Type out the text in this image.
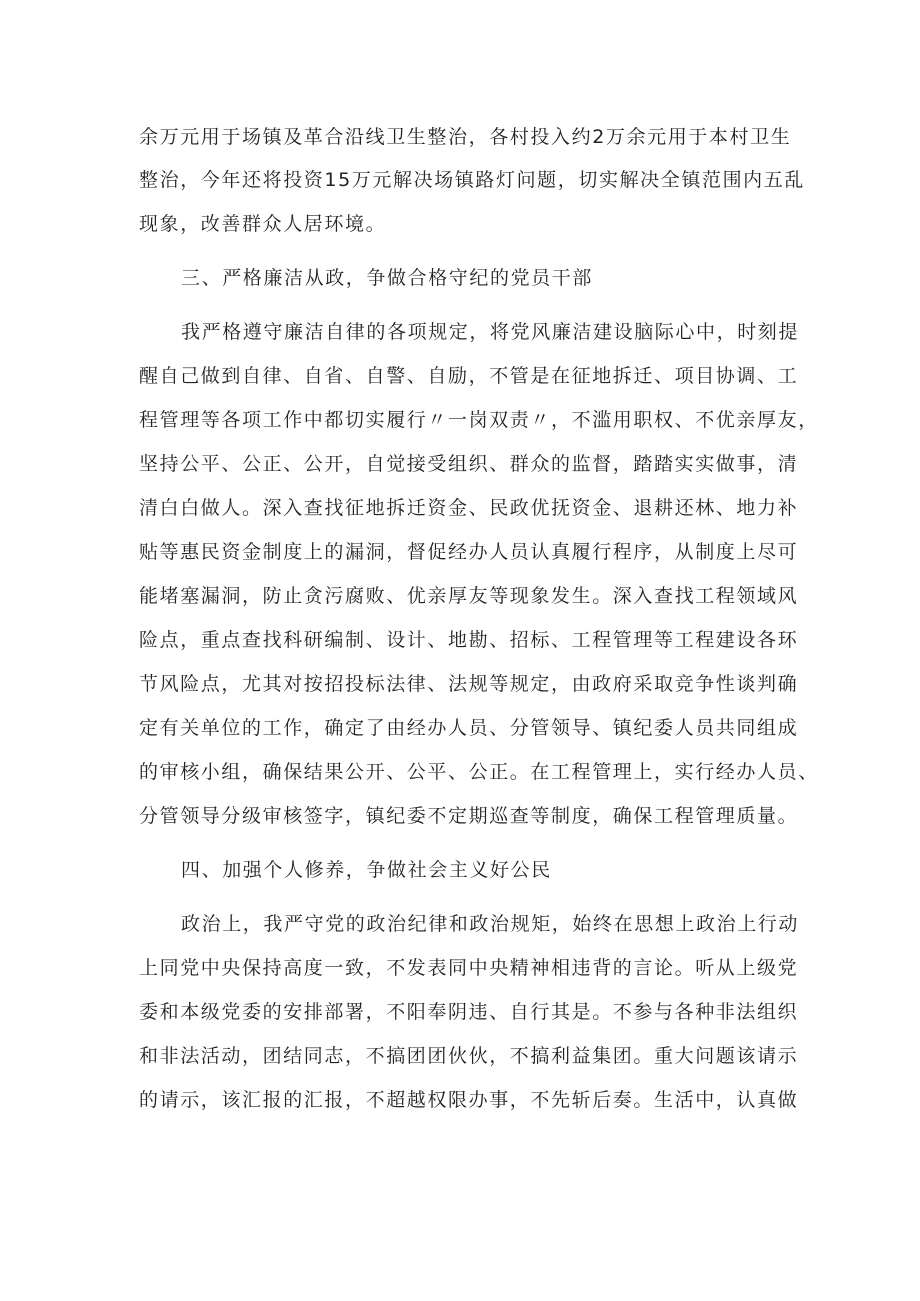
余万元用于场镇及革合沿线卫生整治，各村投入约2万余元用于本村卫生
整治，今年还将投资15万元解决场镇路灯问题，切实解决全镇范围内五乱
现象，改善群众人居环境。
三、严格廉洁从政，争做合格守纪的党员干部
我严格遵守廉洁自律的各项规定，将党风廉洁建设脑际心中，时刻提
醒自己做到自律、自省、自警、自励，不管是在征地拆迁、项目协调、工
程管理等各项工作中都切实履行〃一岗双责〃，不滥用职权、不优亲厚友，
坚持公平、公正、公开，自觉接受组织、群众的监督，踏踏实实做事，清
清白白做人。深入查找征地拆迁资金、民政优抚资金、退耕还林、地力补
贴等惠民资金制度上的漏洞，督促经办人员认真履行程序，从制度上尽可
能堵塞漏洞，防止贪污腐败、优亲厚友等现象发生。深入查找工程领域风
险点，重点查找科研编制、设计、地勘、招标、工程管理等工程建设各环
节风险点，尤其对按招投标法律、法规等规定，由政府采取竞争性谈判确
定有关单位的工作，确定了由经办人员、分管领导、镇纪委人员共同组成
的审核小组，确保结果公开、公平、公正。在工程管理上，实行经办人员、
分管领导分级审核签字，镇纪委不定期巡查等制度，确保工程管理质量。
四、加强个人修养，争做社会主义好公民
政治上，我严守党的政治纪律和政治规矩，始终在思想上政治上行动
上同党中央保持高度一致，不发表同中央精神相违背的言论。听从上级党
委和本级党委的安排部署，不阳奉阴违、自行其是。不参与各种非法组织
和非法活动，团结同志，不搞团团伙伙，不搞利益集团。重大问题该请示
的请示，该汇报的汇报，不超越权限办事，不先斩后奏。生活中，认真做
